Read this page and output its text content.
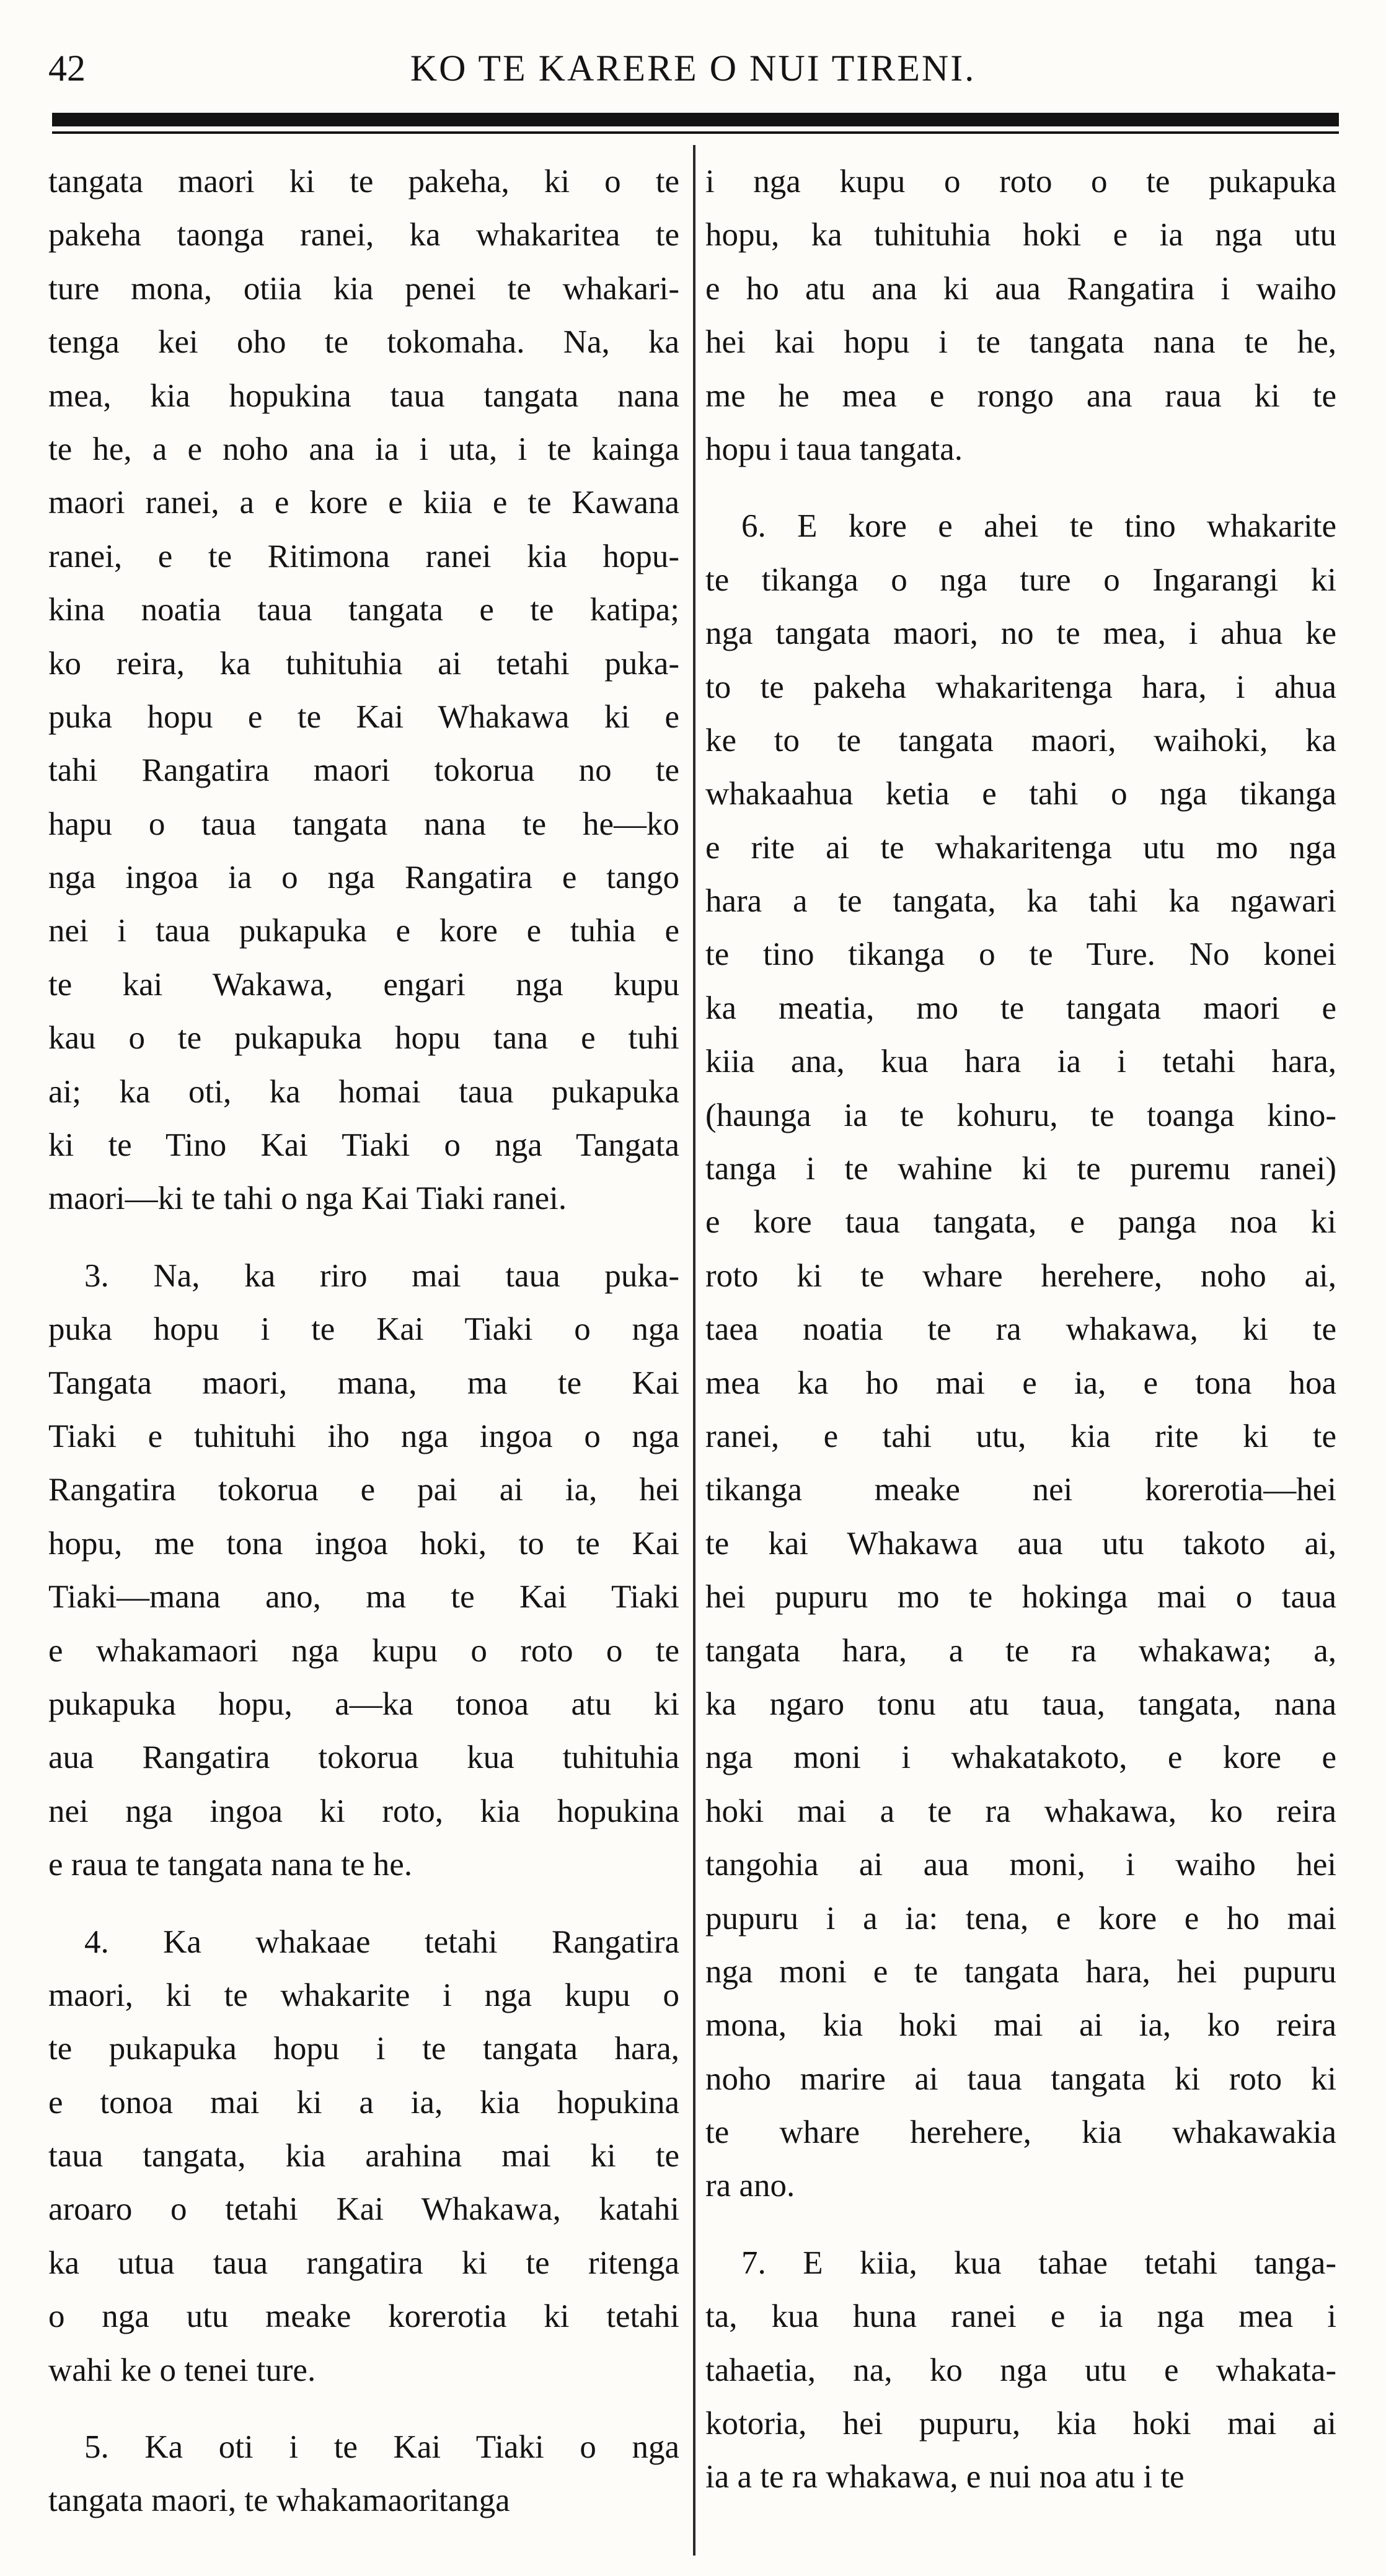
42	KO TE KARERE O NUI TIRENI.
tangata maori ki te pakeha, ki o te
pakeha taonga ranei, ka whakaritea te
ture mona, otiia kia penei te whakari-
tenga kei oho te tokomaha. Na, ka
mea, kia hopukina taua tangata nana
te he, a e noho ana ia i uta, i te kainga
maori ranei, a e kore e kiia e te Kawana
ranei, e te Ritimona ranei kia hopu-
kina noatia taua tangata e te katipa;
ko reira, ka tuhituhia ai tetahi puka-
puka hopu e te Kai Whakawa ki e
tahi Rangatira maori tokorua no te
hapu o taua tangata nana te he—ko
nga ingoa ia o nga Rangatira e tango
nei i taua pukapuka e kore e tuhia e
te kai Wakawa, engari nga kupu
kau o te pukapuka hopu tana e tuhi
ai; ka oti, ka homai taua pukapuka
ki te Tino Kai Tiaki o nga Tangata
maori—ki te tahi o nga Kai Tiaki ranei.
3. Na, ka riro mai taua puka-
puka hopu i te Kai Tiaki o nga
Tangata maori, mana, ma te Kai
Tiaki e tuhituhi iho nga ingoa o nga
Rangatira tokorua e pai ai ia, hei
hopu, me tona ingoa hoki, to te Kai
Tiaki—mana ano, ma te Kai Tiaki
e whakamaori nga kupu o roto o te
pukapuka hopu, a—ka tonoa atu ki
aua Rangatira tokorua kua tuhituhia
nei nga ingoa ki roto, kia hopukina
e raua te tangata nana te he.
4. Ka whakaae tetahi Rangatira
maori, ki te whakarite i nga kupu o
te pukapuka hopu i te tangata hara,
e tonoa mai ki a ia, kia hopukina
taua tangata, kia arahina mai ki te
aroaro o tetahi Kai Whakawa, katahi
ka utua taua rangatira ki te ritenga
o nga utu meake korerotia ki tetahi
wahi ke o tenei ture.
5. Ka oti i te Kai Tiaki o nga
tangata maori, te whakamaoritanga
i nga kupu o roto o te pukapuka
hopu, ka tuhituhia hoki e ia nga utu
e ho atu ana ki aua Rangatira i waiho
hei kai hopu i te tangata nana te he,
me he mea e rongo ana raua ki te
hopu i taua tangata.
6. E kore e ahei te tino whakarite
te tikanga o nga ture o Ingarangi ki
nga tangata maori, no te mea, i ahua ke
to te pakeha whakaritenga hara, i ahua
ke to te tangata maori, waihoki, ka
whakaahua ketia e tahi o nga tikanga
e rite ai te whakaritenga utu mo nga
hara a te tangata, ka tahi ka ngawari
te tino tikanga o te Ture. No konei
ka meatia, mo te tangata maori e
kiia ana, kua hara ia i tetahi hara,
(haunga ia te kohuru, te toanga kino-
tanga i te wahine ki te puremu ranei)
e kore taua tangata, e panga noa ki
roto ki te whare herehere, noho ai,
taea noatia te ra whakawa, ki te
mea ka ho mai e ia, e tona hoa
ranei, e tahi utu, kia rite ki te
tikanga meake nei korerotia—hei
te kai Whakawa aua utu takoto ai,
hei pupuru mo te hokinga mai o taua
tangata hara, a te ra whakawa; a,
ka ngaro tonu atu taua, tangata, nana
nga moni i whakatakoto, e kore e
hoki mai a te ra whakawa, ko reira
tangohia ai aua moni, i waiho hei
pupuru i a ia: tena, e kore e ho mai
nga moni e te tangata hara, hei pupuru
mona, kia hoki mai ai ia, ko reira
noho marire ai taua tangata ki roto ki
te whare herehere, kia whakawakia
ra ano.
7. E kiia, kua tahae tetahi tanga-
ta, kua huna ranei e ia nga mea i
tahaetia, na, ko nga utu e whakata-
kotoria, hei pupuru, kia hoki mai ai
ia a te ra whakawa, e nui noa atu i te
